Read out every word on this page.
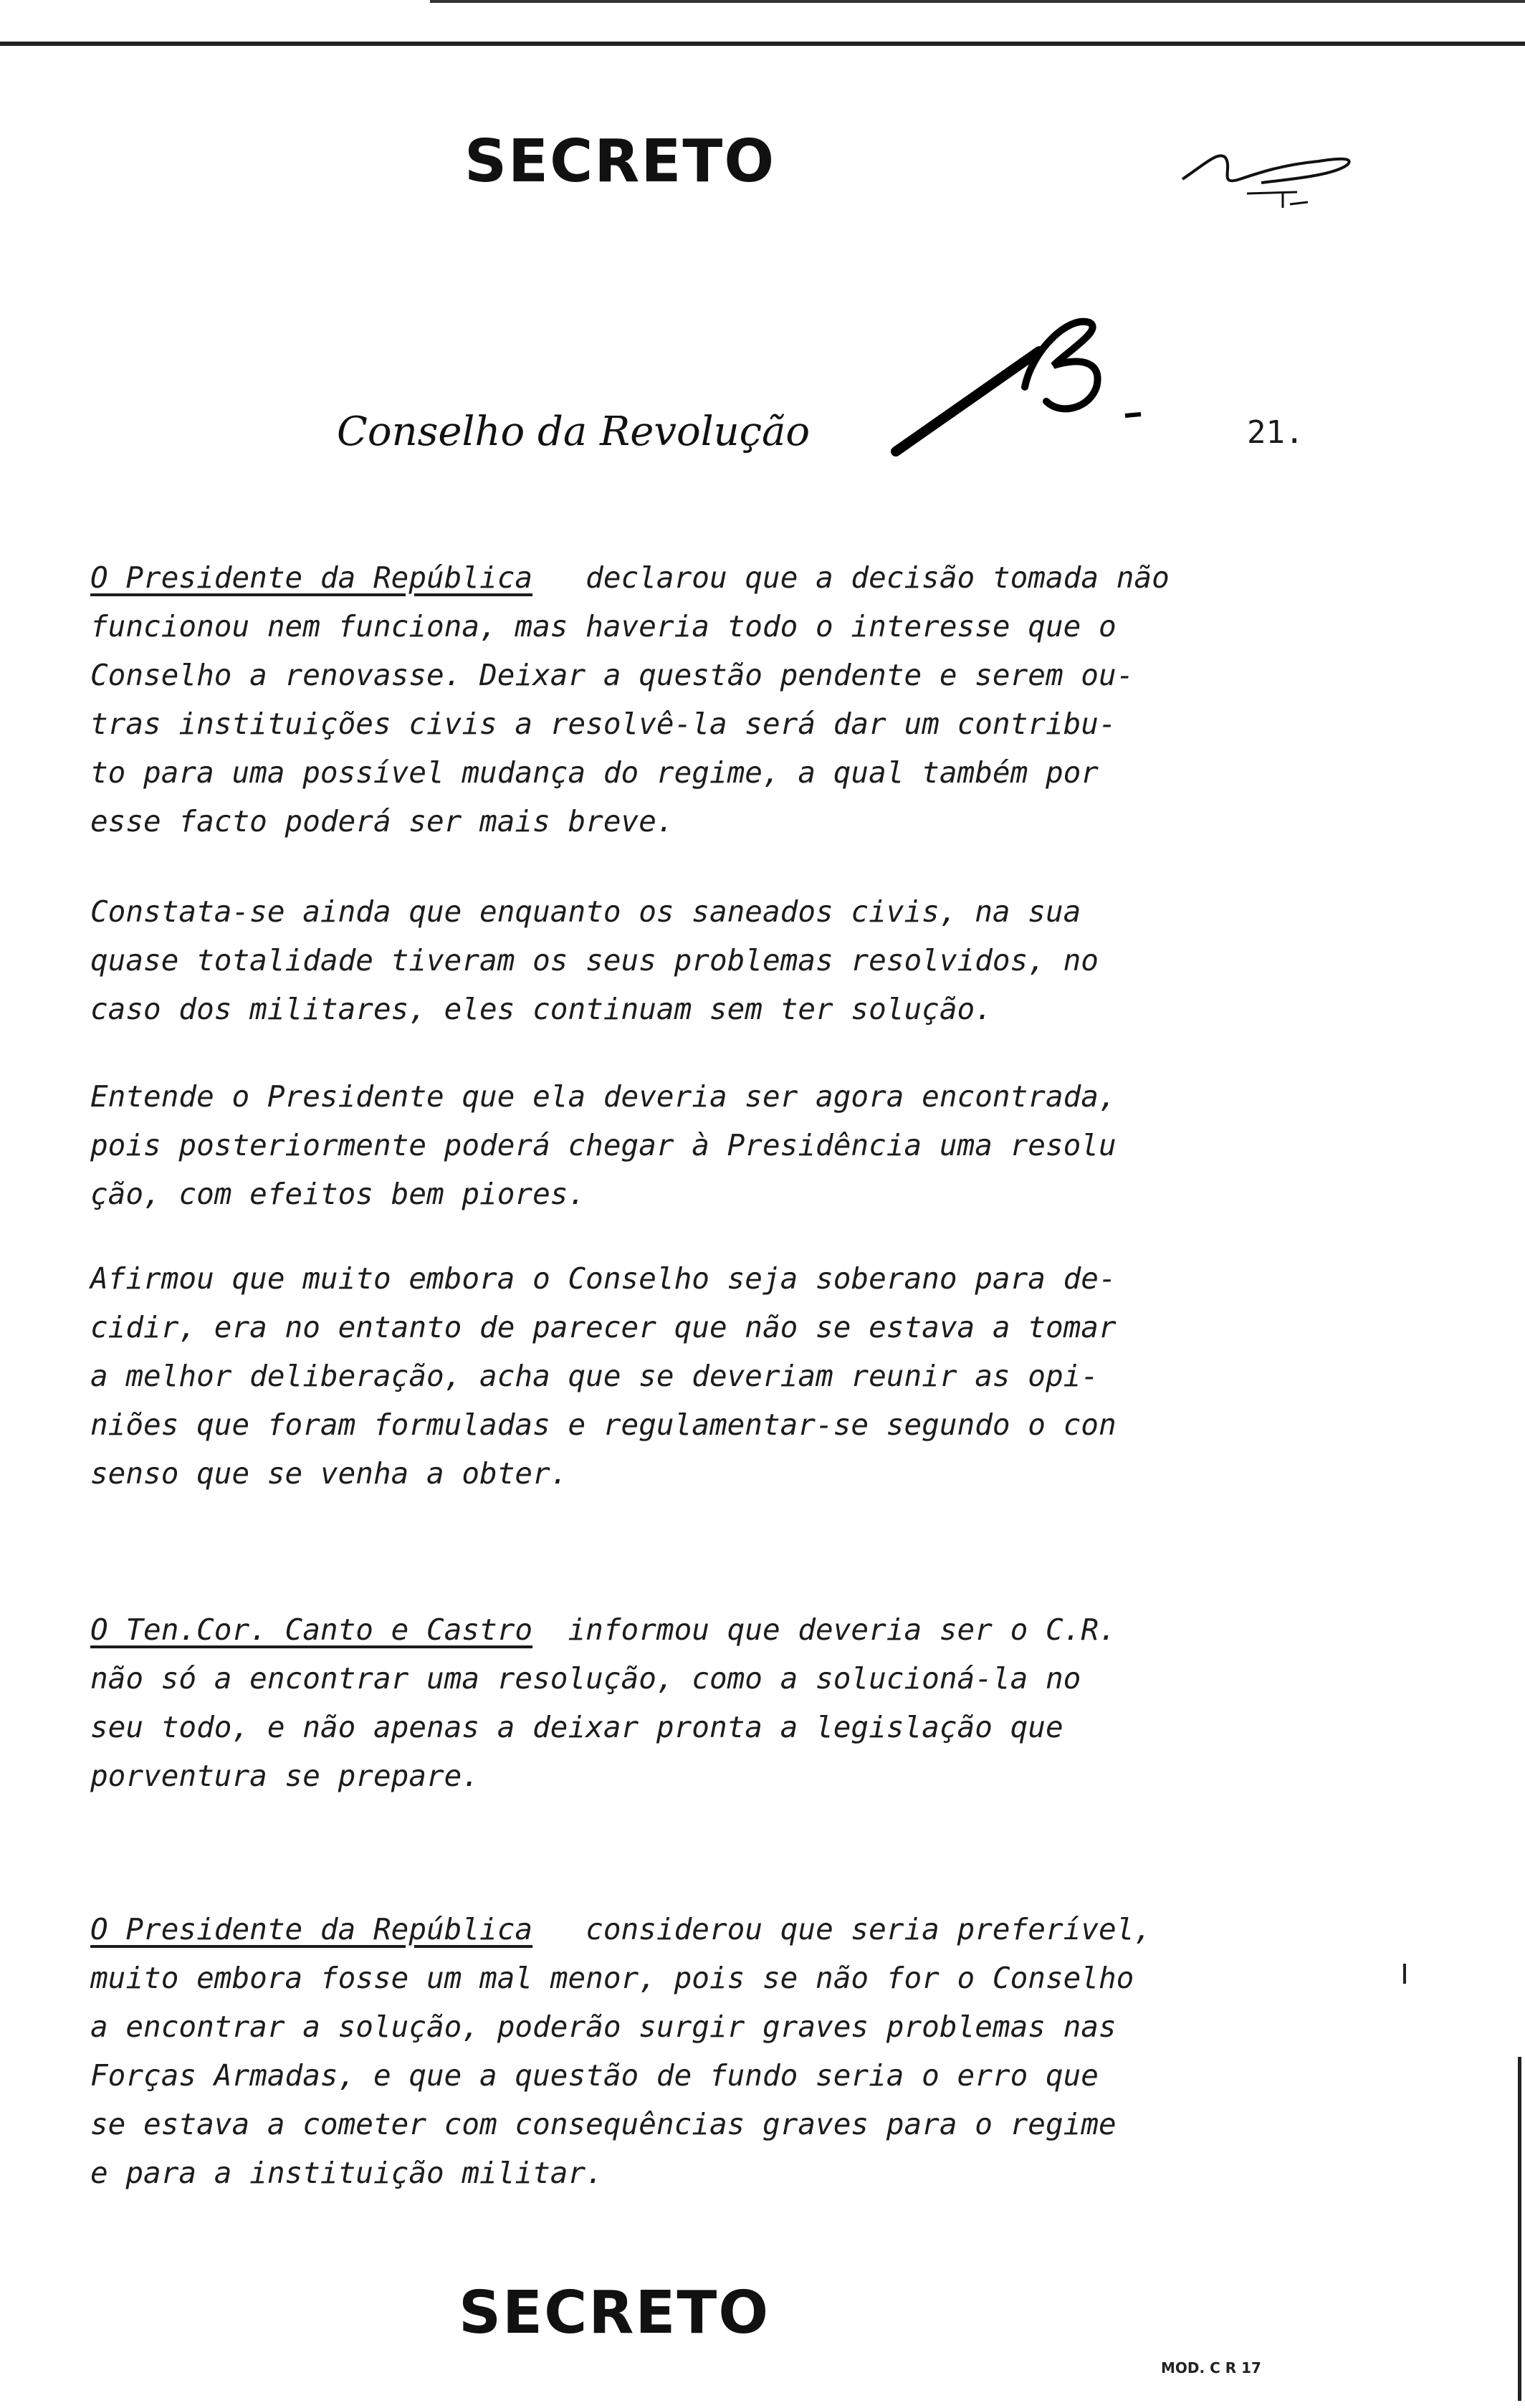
SECRETO
Conselho da Revolução	21.
O Presidente da República declarou que a decisão tomada não
funcionou nem funciona, mas haveria todo o interesse que o
Conselho a renovasse. Deixar a questão pendente e serem ou-
tras instituições civis a resolvê-la será dar um contribu-
to para uma possível mudança do regime, a qual também por
esse facto poderá ser mais breve.
Constata-se ainda que enquanto os saneados civis, na sua
quase totalidade tiveram os seus problemas resolvidos, no
caso dos militares, eles continuam sem ter solução.
Entende o Presidente que ela deveria ser agora encontrada,
pois posteriormente poderá chegar à Presidência uma resolu
ção, com efeitos bem piores.
Afirmou que muito embora o Conselho seja soberano para de-
cidir, era no entanto de parecer que não se estava a tomar
a melhor deliberação, acha que se deveriam reunir as opi-
niões que foram formuladas e regulamentar-se segundo o con
senso que se venha a obter.
O Ten.Cor. Canto e Castro informou que deveria ser o C.R.
não só a encontrar uma resolução, como a solucioná-la no
seu todo, e não apenas a deixar pronta a legislação que
porventura se prepare.
O Presidente da República considerou que seria preferível,
muito embora fosse um mal menor, pois se não for o Conselho
a encontrar a solução, poderão surgir graves problemas nas
Forças Armadas, e que a questão de fundo seria o erro que
se estava a cometer com consequências graves para o regime
e para a instituição militar.
SECRETO
MOD. C R 17
